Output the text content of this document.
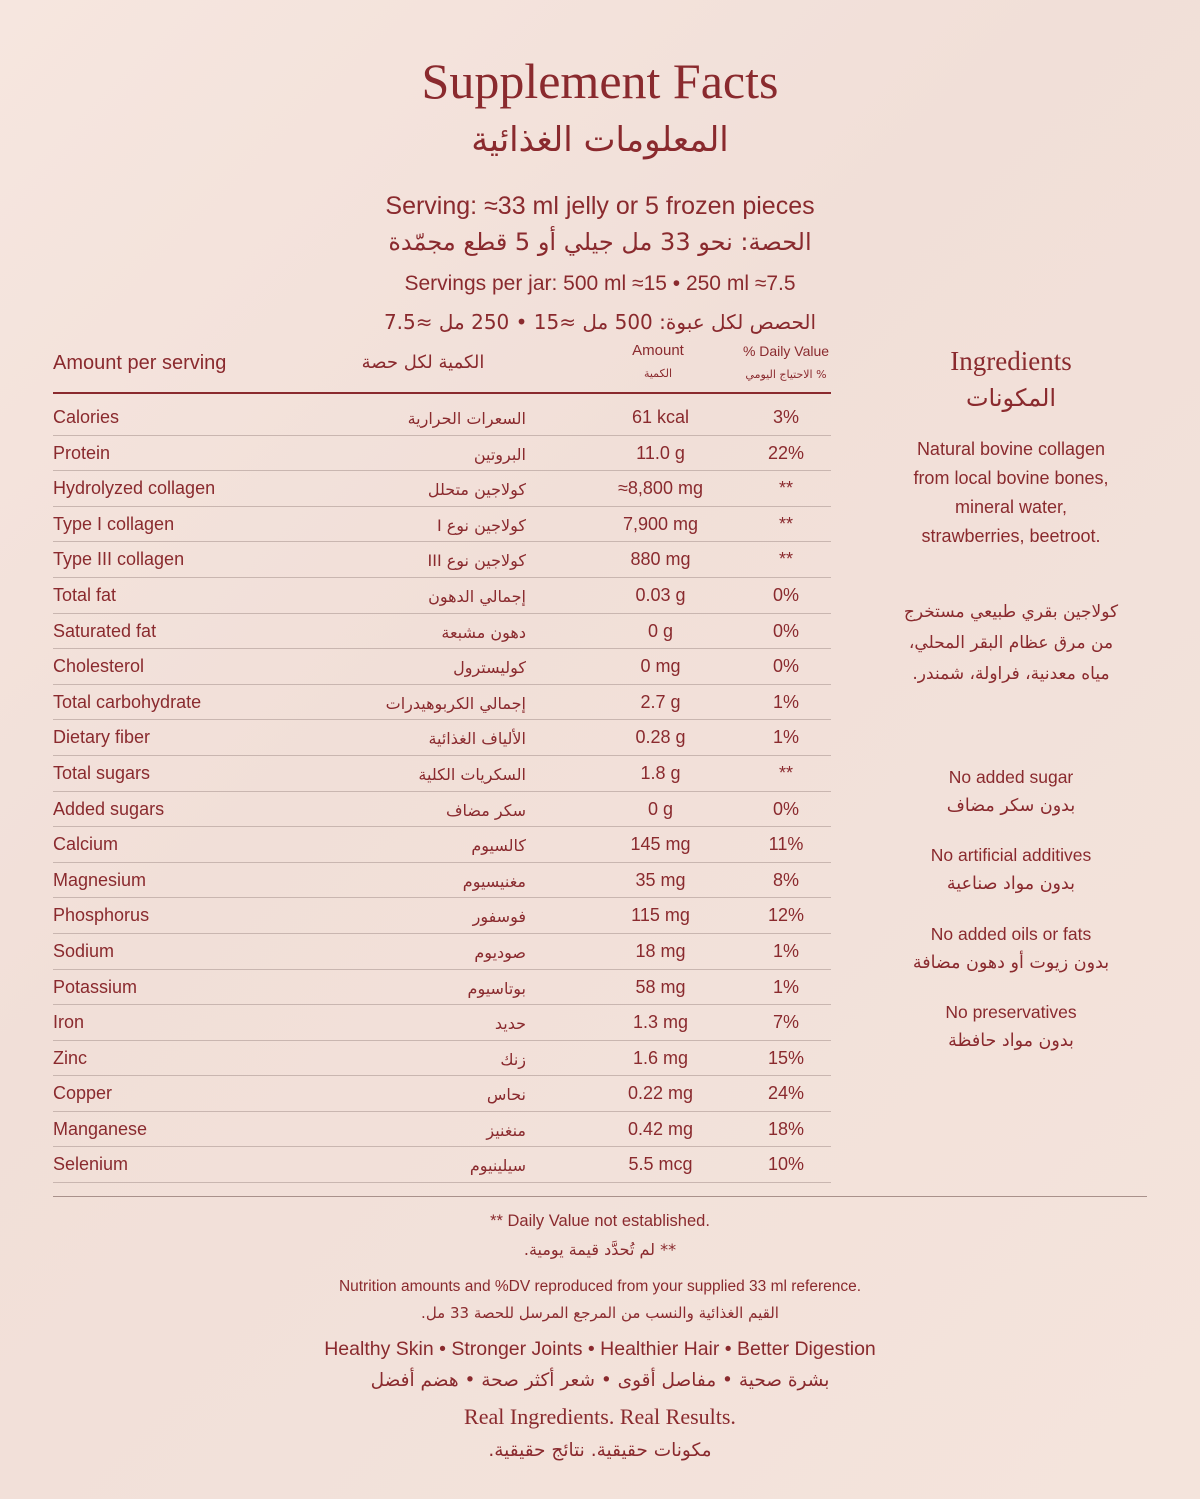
Supplement Facts
المعلومات الغذائية
Serving: ≈33 ml jelly or 5 frozen pieces
الحصة: نحو 33 مل جيلي أو 5 قطع مجمّدة
Servings per jar: 500 ml ≈15 • 250 ml ≈7.5
الحصص لكل عبوة: 500 مل ≈15 • 250 مل ≈7.5
Amount per serving	الكمية لكل حصة
Amount
الكمية
% Daily Value
% الاحتياج اليومي
Calories	السعرات الحرارية	61 kcal	3%
Protein	البروتين	11.0 g	22%
Hydrolyzed collagen	كولاجين متحلل	≈8,800 mg	**
Type I collagen	كولاجين نوع I	7,900 mg	**
Type III collagen	كولاجين نوع III	880 mg	**
Total fat	إجمالي الدهون	0.03 g	0%
Saturated fat	دهون مشبعة	0 g	0%
Cholesterol	كوليسترول	0 mg	0%
Total carbohydrate	إجمالي الكربوهيدرات	2.7 g	1%
Dietary fiber	الألياف الغذائية	0.28 g	1%
Total sugars	السكريات الكلية	1.8 g	**
Added sugars	سكر مضاف	0 g	0%
Calcium	كالسيوم	145 mg	11%
Magnesium	مغنيسيوم	35 mg	8%
Phosphorus	فوسفور	115 mg	12%
Sodium	صوديوم	18 mg	1%
Potassium	بوتاسيوم	58 mg	1%
Iron	حديد	1.3 mg	7%
Zinc	زنك	1.6 mg	15%
Copper	نحاس	0.22 mg	24%
Manganese	منغنيز	0.42 mg	18%
Selenium	سيلينيوم	5.5 mcg	10%
Ingredients
المكونات
Natural bovine collagen
from local bovine bones,
mineral water,
strawberries, beetroot.
كولاجين بقري طبيعي مستخرج
من مرق عظام البقر المحلي،
مياه معدنية، فراولة، شمندر.
No added sugar
بدون سكر مضاف
No artificial additives
بدون مواد صناعية
No added oils or fats
بدون زيوت أو دهون مضافة
No preservatives
بدون مواد حافظة
** Daily Value not established.
** لم تُحدَّد قيمة يومية.
Nutrition amounts and %DV reproduced from your supplied 33 ml reference.
القيم الغذائية والنسب من المرجع المرسل للحصة 33 مل.
Healthy Skin • Stronger Joints • Healthier Hair • Better Digestion
بشرة صحية • مفاصل أقوى • شعر أكثر صحة • هضم أفضل
Real Ingredients. Real Results.
مكونات حقيقية. نتائج حقيقية.
